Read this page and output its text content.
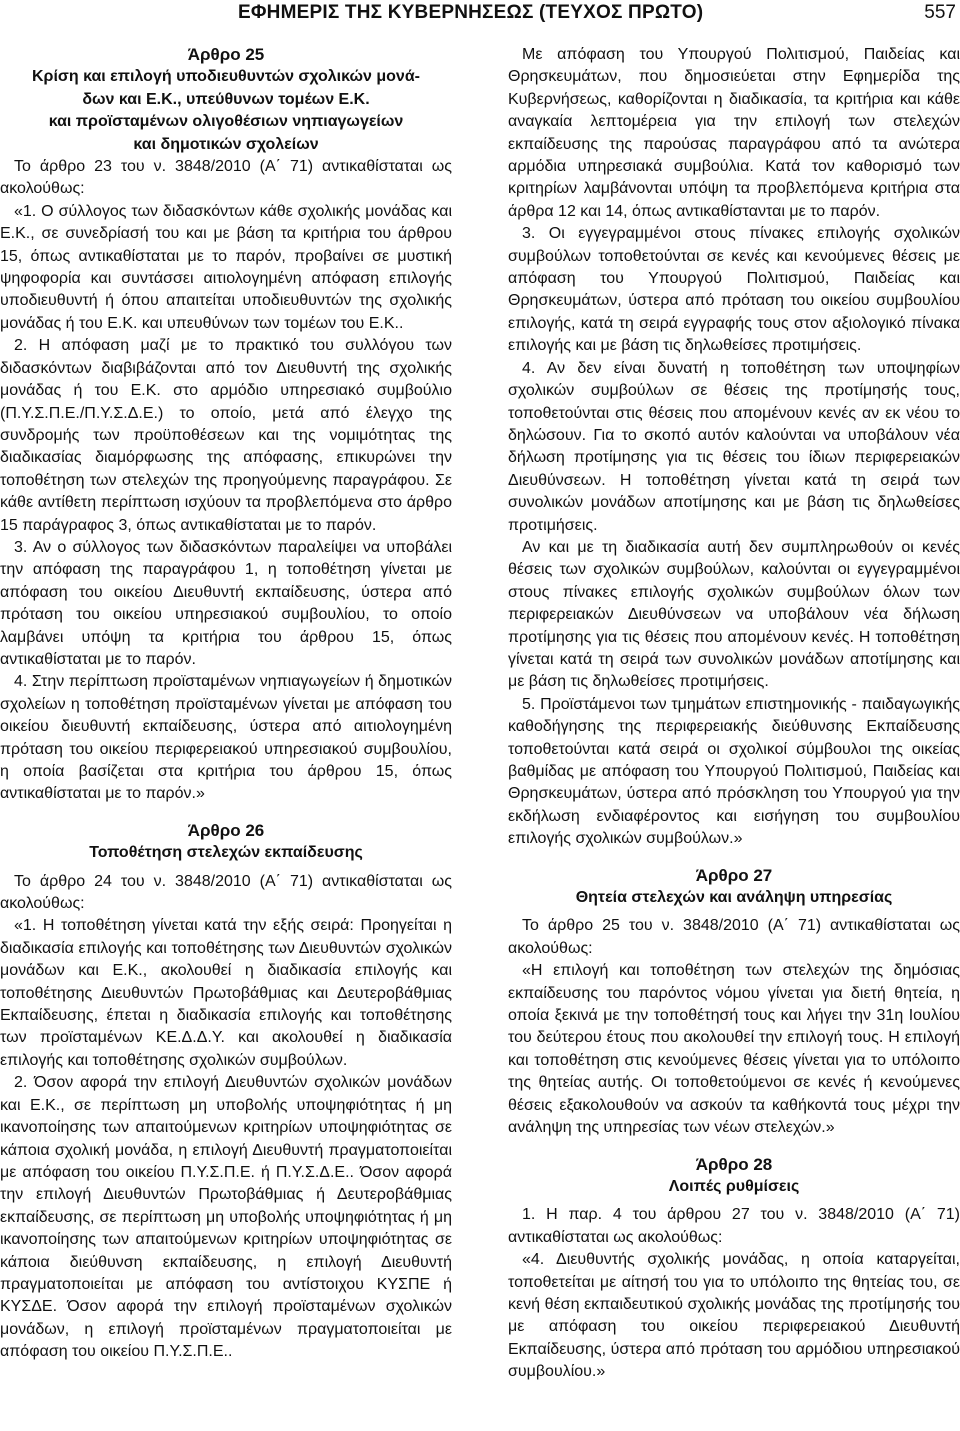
ΕΦΗΜΕΡΙΣ ΤΗΣ ΚΥΒΕΡΝΗΣΕΩΣ (ΤΕΥΧΟΣ ΠΡΩΤΟ)	557
Άρθρο 25
Κρίση και επιλογή υποδιευθυντών σχολικών μονά-
δων και Ε.Κ., υπεύθυνων τομέων Ε.Κ.
και προϊσταμένων ολιγοθέσιων νηπιαγωγείων
και δημοτικών σχολείων

Το άρθρο 23 του ν. 3848/2010 (Α΄ 71) αντικαθίσταται ως ακολούθως:

«1. Ο σύλλογος των διδασκόντων κάθε σχολικής μονάδας και Ε.Κ., σε συνεδρίασή του και με βάση τα κριτήρια του άρθρου 15, όπως αντικαθίσταται με το παρόν, προβαίνει σε μυστική ψηφοφορία και συντάσσει αιτιολογημένη απόφαση επιλογής υποδιευθυντή ή όπου απαιτείται υποδιευθυντών της σχολικής μονάδας ή του Ε.Κ. και υπευθύνων των τομέων του Ε.Κ..

2. Η απόφαση μαζί με το πρακτικό του συλλόγου των διδασκόντων διαβιβάζονται από τον Διευθυντή της σχολικής μονάδας ή του Ε.Κ. στο αρμόδιο υπηρεσιακό συμβούλιο (Π.Υ.Σ.Π.Ε./Π.Υ.Σ.Δ.Ε.) το οποίο, μετά από έλεγχο της συνδρομής των προϋποθέσεων και της νομιμότητας της διαδικασίας διαμόρφωσης της απόφασης, επικυρώνει την τοποθέτηση των στελεχών της προηγούμενης παραγράφου. Σε κάθε αντίθετη περίπτωση ισχύουν τα προβλεπόμενα στο άρθρο 15 παράγραφος 3, όπως αντικαθίσταται με το παρόν.

3. Αν ο σύλλογος των διδασκόντων παραλείψει να υποβάλει την απόφαση της παραγράφου 1, η τοποθέτηση γίνεται με απόφαση του οικείου Διευθυντή εκπαίδευσης, ύστερα από πρόταση του οικείου υπηρεσιακού συμβουλίου, το οποίο λαμβάνει υπόψη τα κριτήρια του άρθρου 15, όπως αντικαθίσταται με το παρόν.

4. Στην περίπτωση προϊσταμένων νηπιαγωγείων ή δημοτικών σχολείων η τοποθέτηση προϊσταμένων γίνεται με απόφαση του οικείου διευθυντή εκπαίδευσης, ύστερα από αιτιολογημένη πρόταση του οικείου περιφερειακού υπηρεσιακού συμβουλίου, η οποία βασίζεται στα κριτήρια του άρθρου 15, όπως αντικαθίσταται με το παρόν.»

Άρθρο 26
Τοποθέτηση στελεχών εκπαίδευσης

Το άρθρο 24 του ν. 3848/2010 (Α΄ 71) αντικαθίσταται ως ακολούθως:

«1. Η τοποθέτηση γίνεται κατά την εξής σειρά: Προηγείται η διαδικασία επιλογής και τοποθέτησης των Διευθυντών σχολικών μονάδων και Ε.Κ., ακολουθεί η διαδικασία επιλογής και τοποθέτησης Διευθυντών Πρωτοβάθμιας και Δευτεροβάθμιας Εκπαίδευσης, έπεται η διαδικασία επιλογής και τοποθέτησης των προϊσταμένων ΚΕ.Δ.Δ.Υ. και ακολουθεί η διαδικασία επιλογής και τοποθέτησης σχολικών συμβούλων.

2. Όσον αφορά την επιλογή Διευθυντών σχολικών μονάδων και Ε.Κ., σε περίπτωση μη υποβολής υποψηφιότητας ή μη ικανοποίησης των απαιτούμενων κριτηρίων υποψηφιότητας σε κάποια σχολική μονάδα, η επιλογή Διευθυντή πραγματοποιείται με απόφαση του οικείου Π.Υ.Σ.Π.Ε. ή Π.Υ.Σ.Δ.Ε.. Όσον αφορά την επιλογή Διευθυντών Πρωτοβάθμιας ή Δευτεροβάθμιας εκπαίδευσης, σε περίπτωση μη υποβολής υποψηφιότητας ή μη ικανοποίησης των απαιτούμενων κριτηρίων υποψηφιότητας σε κάποια διεύθυνση εκπαίδευσης, η επιλογή Διευθυντή πραγματοποιείται με απόφαση του αντίστοιχου ΚΥΣΠΕ ή ΚΥΣΔΕ. Όσον αφορά την επιλογή προϊσταμένων σχολικών μονάδων, η επιλογή προϊσταμένων πραγματοποιείται με απόφαση του οικείου Π.Υ.Σ.Π.Ε..

Με απόφαση του Υπουργού Πολιτισμού, Παιδείας και Θρησκευμάτων, που δημοσιεύεται στην Εφημερίδα της Κυβερνήσεως, καθορίζονται η διαδικασία, τα κριτήρια και κάθε αναγκαία λεπτομέρεια για την επιλογή των στελεχών εκπαίδευσης της παρούσας παραγράφου από τα ανώτερα αρμόδια υπηρεσιακά συμβούλια. Κατά τον καθορισμό των κριτηρίων λαμβάνονται υπόψη τα προβλεπόμενα κριτήρια στα άρθρα 12 και 14, όπως αντικαθίστανται με το παρόν.

3. Οι εγγεγραμμένοι στους πίνακες επιλογής σχολικών συμβούλων τοποθετούνται σε κενές και κενούμενες θέσεις με απόφαση του Υπουργού Πολιτισμού, Παιδείας και Θρησκευμάτων, ύστερα από πρόταση του οικείου συμβουλίου επιλογής, κατά τη σειρά εγγραφής τους στον αξιολογικό πίνακα επιλογής και με βάση τις δηλωθείσες προτιμήσεις.

4. Αν δεν είναι δυνατή η τοποθέτηση των υποψηφίων σχολικών συμβούλων σε θέσεις της προτίμησής τους, τοποθετούνται στις θέσεις που απομένουν κενές αν εκ νέου το δηλώσουν. Για το σκοπό αυτόν καλούνται να υποβάλουν νέα δήλωση προτίμησης για τις θέσεις του ίδιων περιφερειακών Διευθύνσεων. Η τοποθέτηση γίνεται κατά τη σειρά των συνολικών μονάδων αποτίμησης και με βάση τις δηλωθείσες προτιμήσεις.

Αν και με τη διαδικασία αυτή δεν συμπληρωθούν οι κενές θέσεις των σχολικών συμβούλων, καλούνται οι εγγεγραμμένοι στους πίνακες επιλογής σχολικών συμβούλων όλων των περιφερειακών Διευθύνσεων να υποβάλουν νέα δήλωση προτίμησης για τις θέσεις που απομένουν κενές. Η τοποθέτηση γίνεται κατά τη σειρά των συνολικών μονάδων αποτίμησης και με βάση τις δηλωθείσες προτιμήσεις.

5. Προϊστάμενοι των τμημάτων επιστημονικής - παιδαγωγικής καθοδήγησης της περιφερειακής διεύθυνσης Εκπαίδευσης τοποθετούνται κατά σειρά οι σχολικοί σύμβουλοι της οικείας βαθμίδας με απόφαση του Υπουργού Πολιτισμού, Παιδείας και Θρησκευμάτων, ύστερα από πρόσκληση του Υπουργού για την εκδήλωση ενδιαφέροντος και εισήγηση του συμβουλίου επιλογής σχολικών συμβούλων.»

Άρθρο 27
Θητεία στελεχών και ανάληψη υπηρεσίας

Το άρθρο 25 του ν. 3848/2010 (Α΄ 71) αντικαθίσταται ως ακολούθως:

«Η επιλογή και τοποθέτηση των στελεχών της δημόσιας εκπαίδευσης του παρόντος νόμου γίνεται για διετή θητεία, η οποία ξεκινά με την τοποθέτησή τους και λήγει την 31η Ιουλίου του δεύτερου έτους που ακολουθεί την επιλογή τους. Η επιλογή και τοποθέτηση στις κενούμενες θέσεις γίνεται για το υπόλοιπο της θητείας αυτής. Οι τοποθετούμενοι σε κενές ή κενούμενες θέσεις εξακολουθούν να ασκούν τα καθήκοντά τους μέχρι την ανάληψη της υπηρεσίας των νέων στελεχών.»

Άρθρο 28
Λοιπές ρυθμίσεις

1. Η παρ. 4 του άρθρου 27 του ν. 3848/2010 (Α΄ 71) αντικαθίσταται ως ακολούθως:

«4. Διευθυντής σχολικής μονάδας, η οποία καταργείται, τοποθετείται με αίτησή του για το υπόλοιπο της θητείας του, σε κενή θέση εκπαιδευτικού σχολικής μονάδας της προτίμησής του με απόφαση του οικείου περιφερειακού Διευθυντή Εκπαίδευσης, ύστερα από πρόταση του αρμόδιου υπηρεσιακού συμβουλίου.»
